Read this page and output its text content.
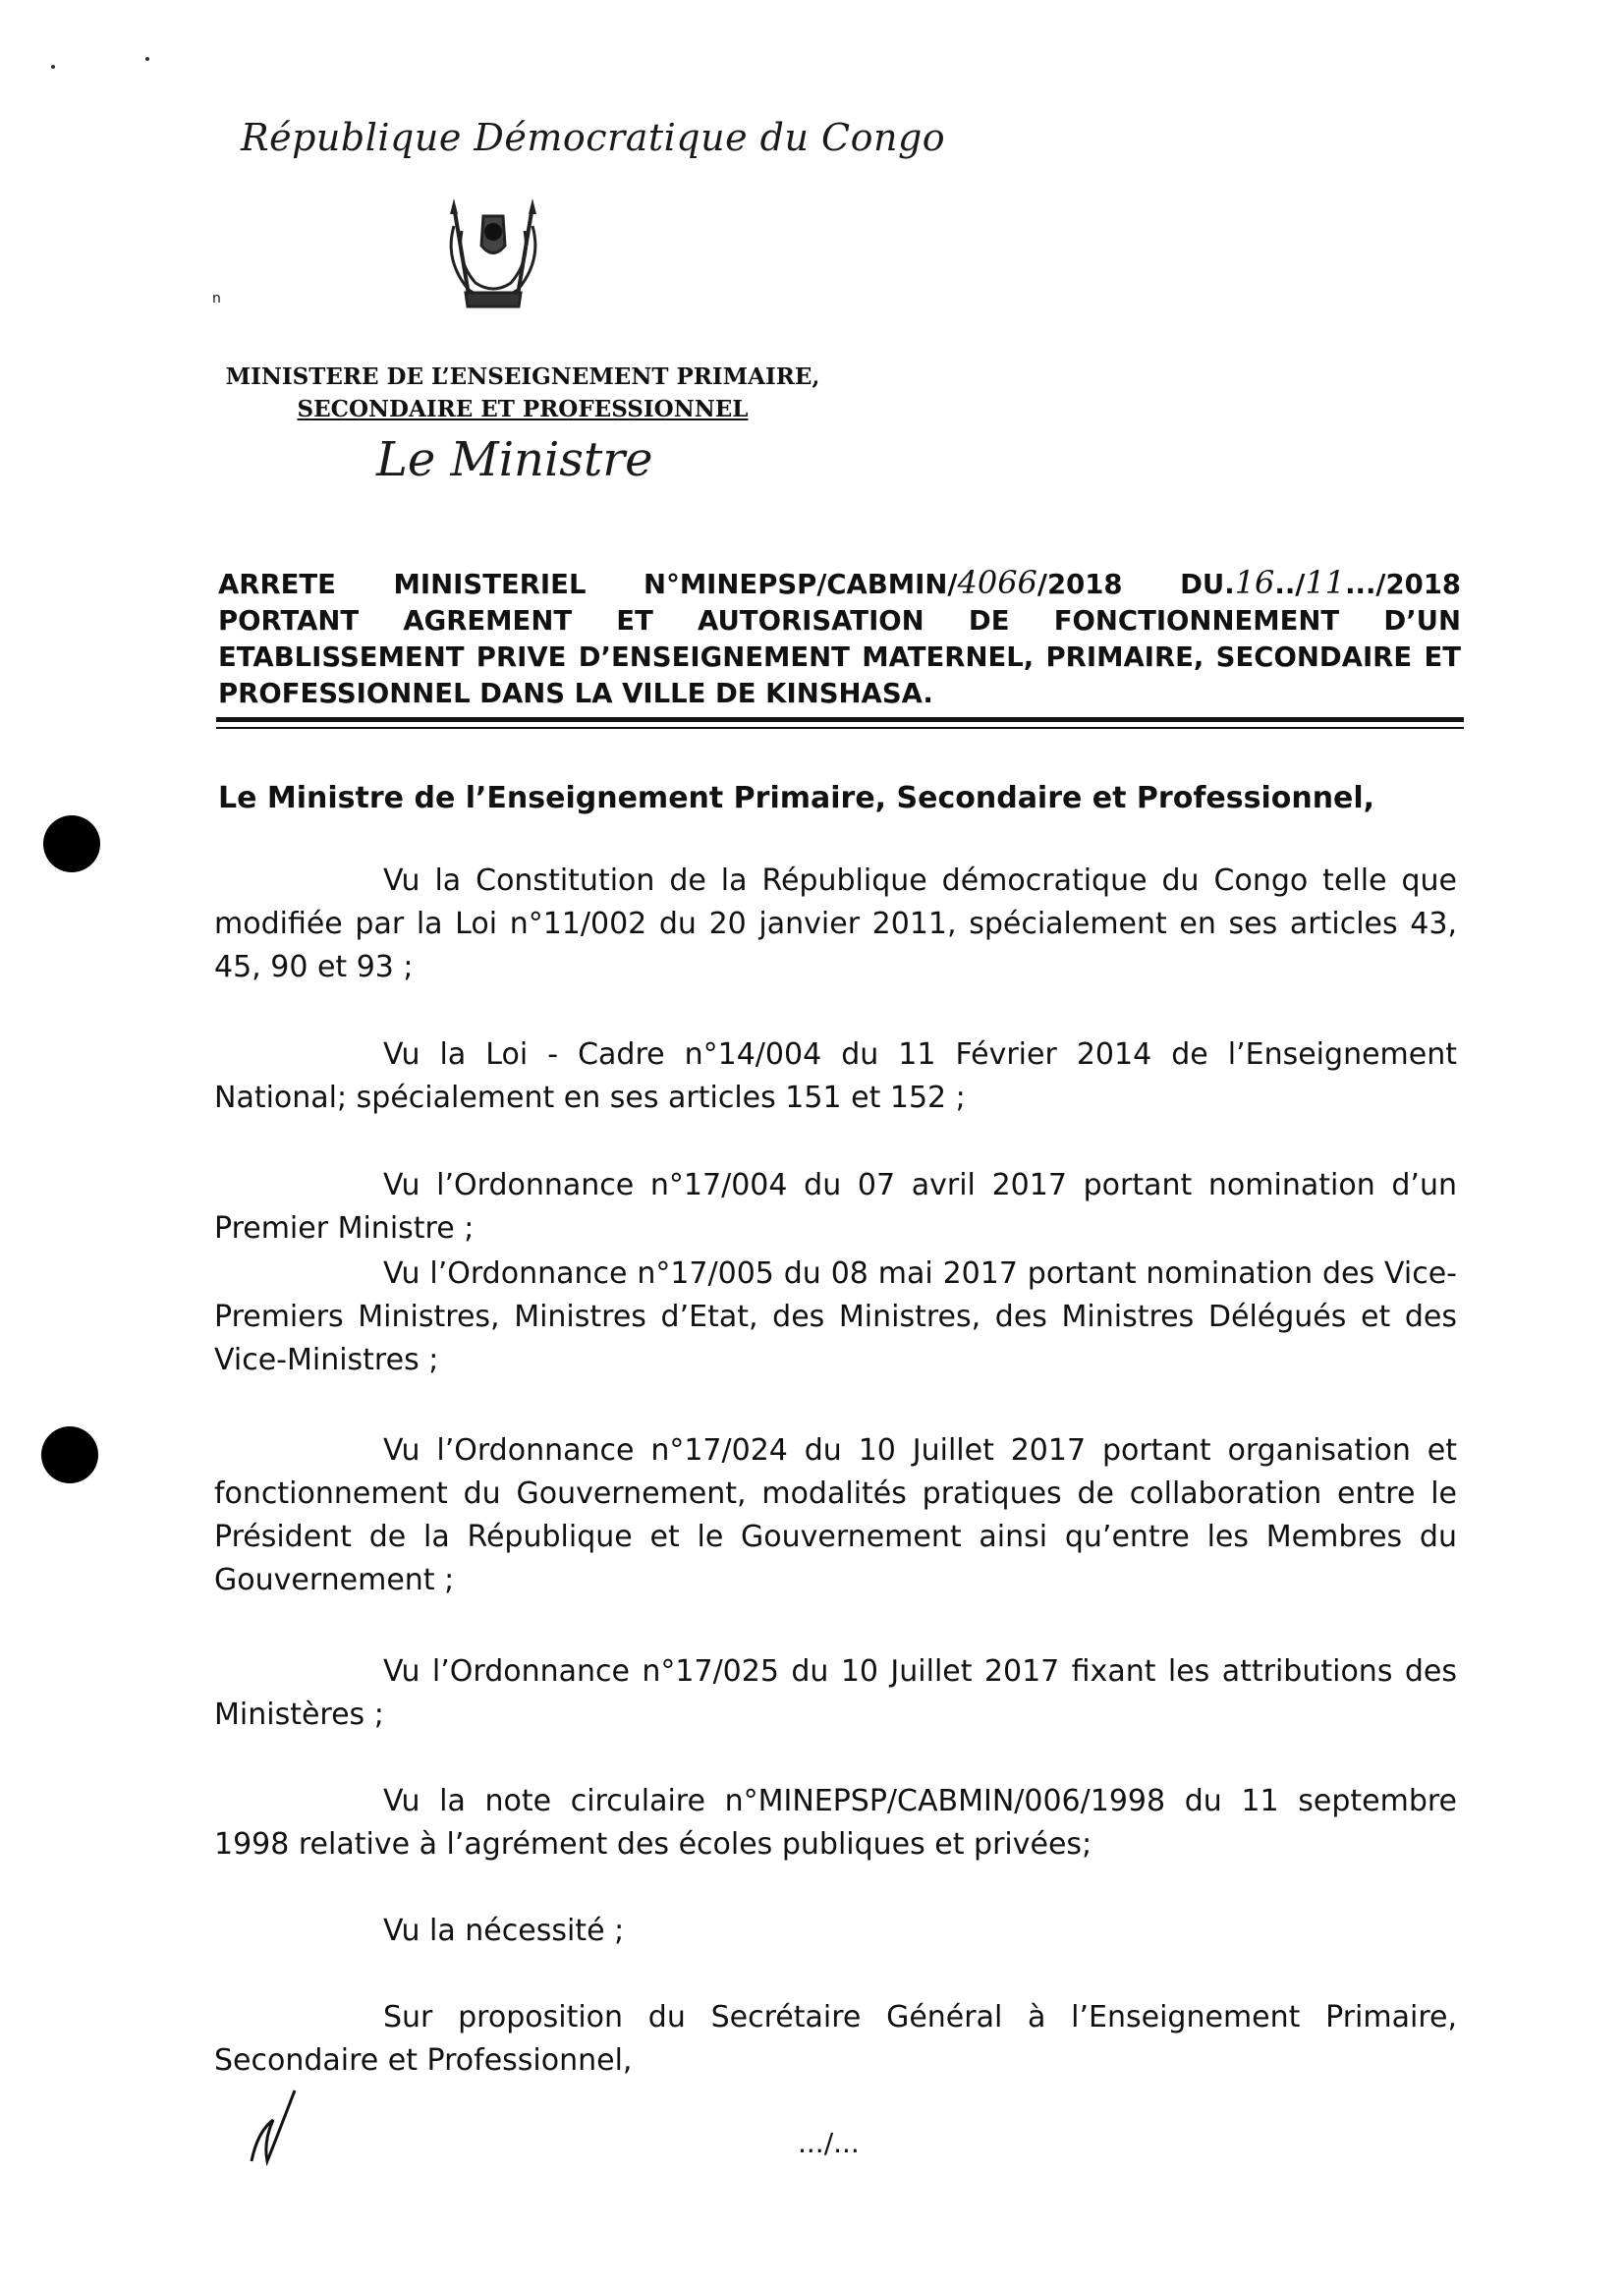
République Démocratique du Congo
n
MINISTERE DE L’ENSEIGNEMENT PRIMAIRE,
SECONDAIRE ET PROFESSIONNEL
Le Ministre
ARRETE MINISTERIEL N°MINEPSP/CABMIN/4066/2018 DU.16../11.../2018 PORTANT AGREMENT ET AUTORISATION DE FONCTIONNEMENT D’UN ETABLISSEMENT PRIVE D’ENSEIGNEMENT MATERNEL, PRIMAIRE, SECONDAIRE ET PROFESSIONNEL DANS LA VILLE DE KINSHASA.
Le Ministre de l’Enseignement Primaire, Secondaire et Professionnel,
Vu la Constitution de la République démocratique du Congo telle que modifiée par la Loi n°11/002 du 20 janvier 2011, spécialement en ses articles 43, 45, 90 et 93 ;
Vu la Loi - Cadre n°14/004 du 11 Février 2014 de l’Enseignement National; spécialement en ses articles 151 et 152 ;
Vu l’Ordonnance n°17/004 du 07 avril 2017 portant nomination d’un Premier Ministre ;
Vu l’Ordonnance n°17/005 du 08 mai 2017 portant nomination des Vice-Premiers Ministres, Ministres d’Etat, des Ministres, des Ministres Délégués et des Vice-Ministres ;
Vu l’Ordonnance n°17/024 du 10 Juillet 2017 portant organisation et fonctionnement du Gouvernement, modalités pratiques de collaboration entre le Président de la République et le Gouvernement ainsi qu’entre les Membres du Gouvernement ;
Vu l’Ordonnance n°17/025 du 10 Juillet 2017 fixant les attributions des Ministères ;
Vu la note circulaire n°MINEPSP/CABMIN/006/1998 du 11 septembre 1998 relative à l’agrément des écoles publiques et privées;
Vu la nécessité ;
Sur proposition du Secrétaire Général à l’Enseignement Primaire, Secondaire et Professionnel,
.../...
